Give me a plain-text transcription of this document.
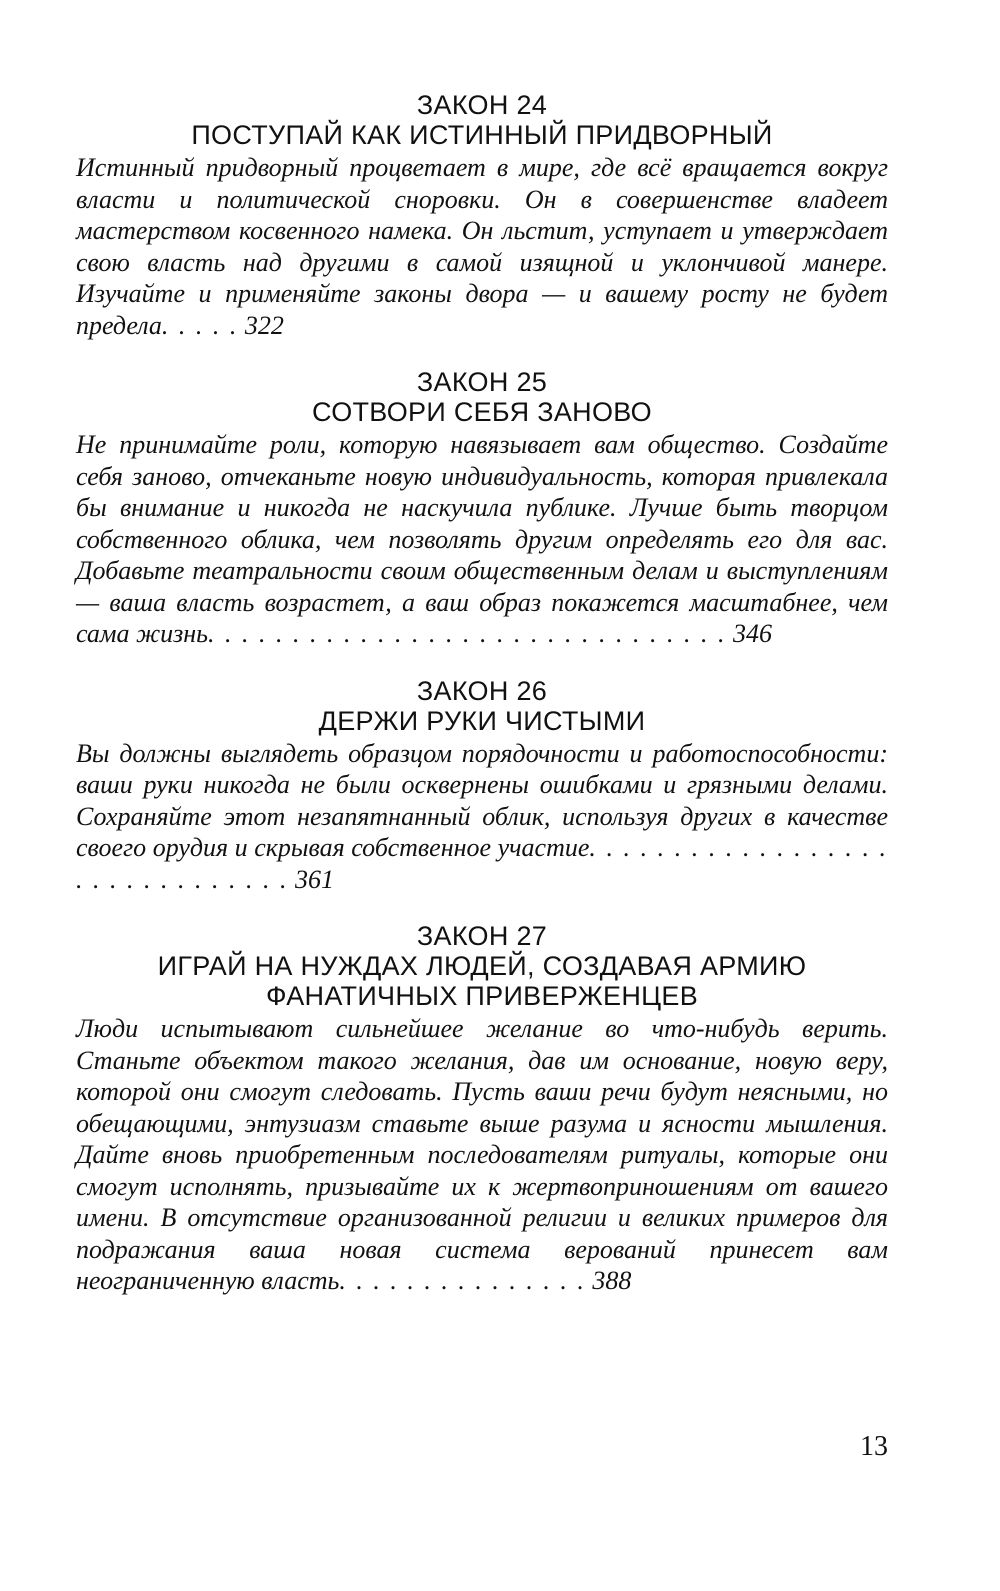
ЗАКОН 24

ПОСТУПАЙ КАК ИСТИННЫЙ ПРИДВОРНЫЙ

Истинный придворный процветает в мире, где всё вращается вокруг власти и политической сноровки. Он в совершенстве владеет мастерством косвенного намека. Он льстит, уступает и утверждает свою власть над другими в самой изящной и уклончивой манере. Изучайте и применяйте законы двора — и вашему росту не будет предела. . . . . 322

ЗАКОН 25

СОТВОРИ СЕБЯ ЗАНОВО

Не принимайте роли, которую навязывает вам общество. Создайте себя заново, отчеканьте новую индивидуальность, которая привлекала бы внимание и никогда не наскучила публике. Лучше быть творцом собственного облика, чем позволять другим определять его для вас. Добавьте театральности своим общественным делам и выступлениям — ваша власть возрастет, а ваш образ покажется масштабнее, чем сама жизнь. . . . . . . . . . . . . . . . . . . . . . . . . . . . . . . 346

ЗАКОН 26

ДЕРЖИ РУКИ ЧИСТЫМИ

Вы должны выглядеть образцом порядочности и работоспособности: ваши руки никогда не были осквернены ошибками и грязными делами. Сохраняйте этот незапятнанный облик, используя других в качестве своего орудия и скрывая собственное участие. . . . . . . . . . . . . . . . . . . . . . . . . . . . . . . 361

ЗАКОН 27

ИГРАЙ НА НУЖДАХ ЛЮДЕЙ, СОЗДАВАЯ АРМИЮ ФАНАТИЧНЫХ ПРИВЕРЖЕНЦЕВ

Люди испытывают сильнейшее желание во что-нибудь верить. Станьте объектом такого желания, дав им основание, новую веру, которой они смогут следовать. Пусть ваши речи будут неясными, но обещающими, энтузиазм ставьте выше разума и ясности мышления. Дайте вновь приобретенным последователям ритуалы, которые они смогут исполнять, призывайте их к жертвоприношениям от вашего имени. В отсутствие организованной религии и великих примеров для подражания ваша новая система верований принесет вам неограниченную власть. . . . . . . . . . . . . . . 388

13
